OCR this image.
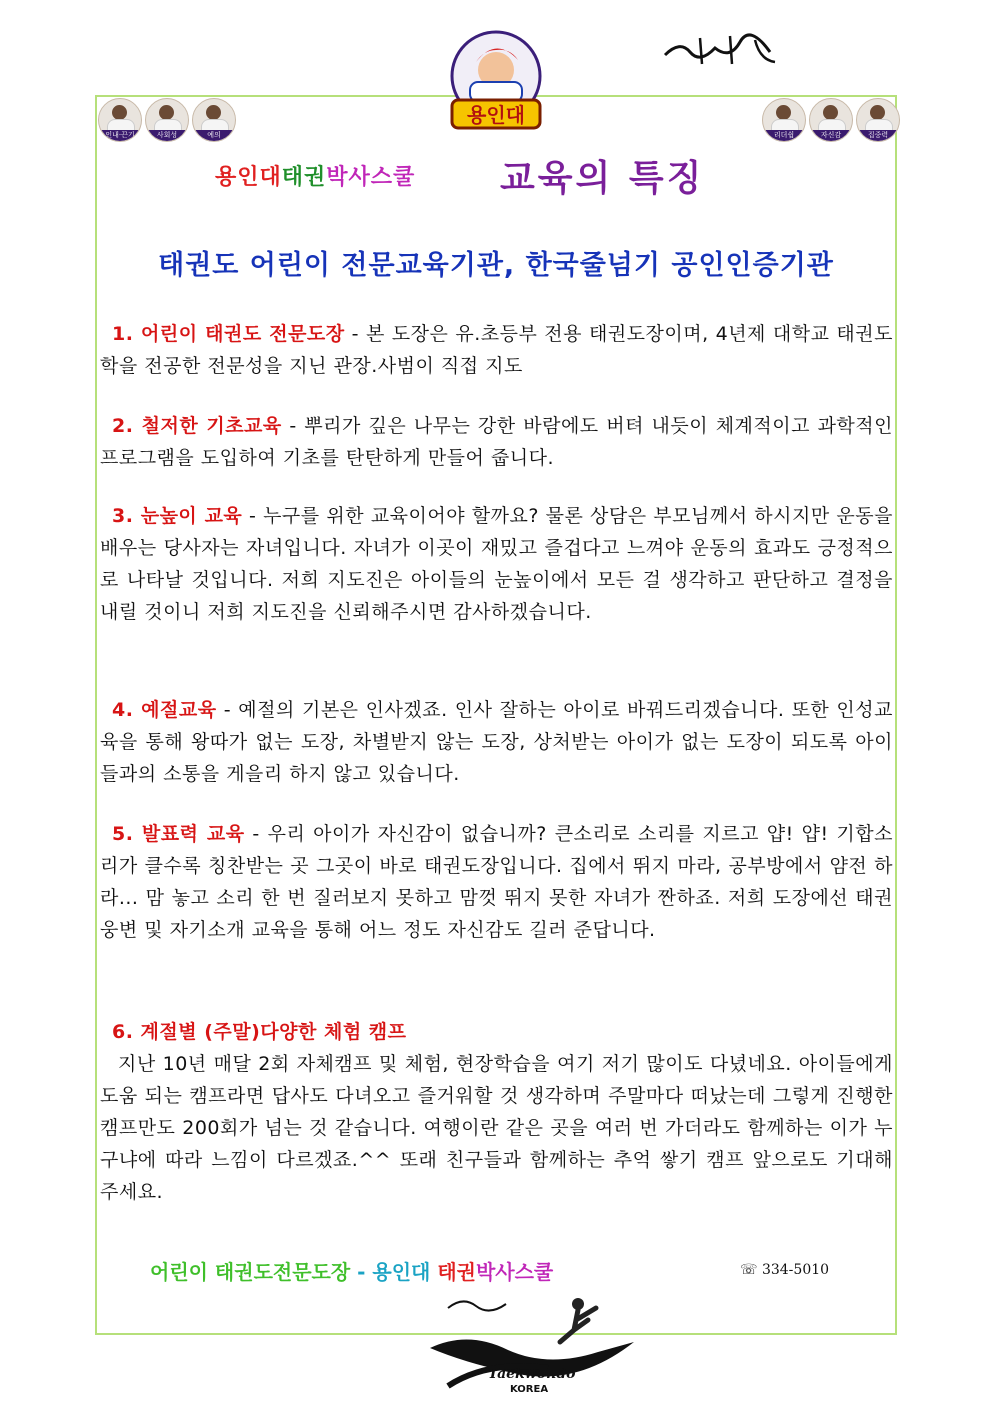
용인대
인내·끈기	사회성	예의	리더쉽	자신감	집중력
용인대태권박사스쿨 교육의 특징
태권도 어린이 전문교육기관, 한국줄넘기 공인인증기관
1. 어린이 태권도 전문도장 - 본 도장은 유.초등부 전용 태권도장이며, 4년제 대학교 태권도학을 전공한 전문성을 지닌 관장.사범이 직접 지도
2. 철저한 기초교육 - 뿌리가 깊은 나무는 강한 바람에도 버텨 내듯이 체계적이고 과학적인 프로그램을 도입하여 기초를 탄탄하게 만들어 줍니다.
3. 눈높이 교육 - 누구를 위한 교육이어야 할까요? 물론 상담은 부모님께서 하시지만 운동을 배우는 당사자는 자녀입니다. 자녀가 이곳이 재밌고 즐겁다고 느껴야 운동의 효과도 긍정적으로 나타날 것입니다. 저희 지도진은 아이들의 눈높이에서 모든 걸 생각하고 판단하고 결정을 내릴 것이니 저희 지도진을 신뢰해주시면 감사하겠습니다.
4. 예절교육 - 예절의 기본은 인사겠죠. 인사 잘하는 아이로 바꿔드리겠습니다. 또한 인성교육을 통해 왕따가 없는 도장, 차별받지 않는 도장, 상처받는 아이가 없는 도장이 되도록 아이들과의 소통을 게을리 하지 않고 있습니다.
5. 발표력 교육 - 우리 아이가 자신감이 없습니까? 큰소리로 소리를 지르고 얍! 얍! 기합소리가 클수록 칭찬받는 곳 그곳이 바로 태권도장입니다. 집에서 뛰지 마라, 공부방에서 얌전 하라... 맘 놓고 소리 한 번 질러보지 못하고 맘껏 뛰지 못한 자녀가 짠하죠. 저희 도장에선 태권웅변 및 자기소개 교육을 통해 어느 정도 자신감도 길러 준답니다.
6. 계절별 (주말)다양한 체험 캠프
지난 10년 매달 2회 자체캠프 및 체험, 현장학습을 여기 저기 많이도 다녔네요. 아이들에게 도움 되는 캠프라면 답사도 다녀오고 즐거워할 것 생각하며 주말마다 떠났는데 그렇게 진행한 캠프만도 200회가 넘는 것 같습니다. 여행이란 같은 곳을 여러 번 가더라도 함께하는 이가 누구냐에 따라 느낌이 다르겠죠.^^ 또래 친구들과 함께하는 추억 쌓기 캠프 앞으로도 기대해 주세요.
어린이 태권도전문도장 - 용인대 태권박사스쿨	☏ 334-5010
Taekwondo
KOREA
